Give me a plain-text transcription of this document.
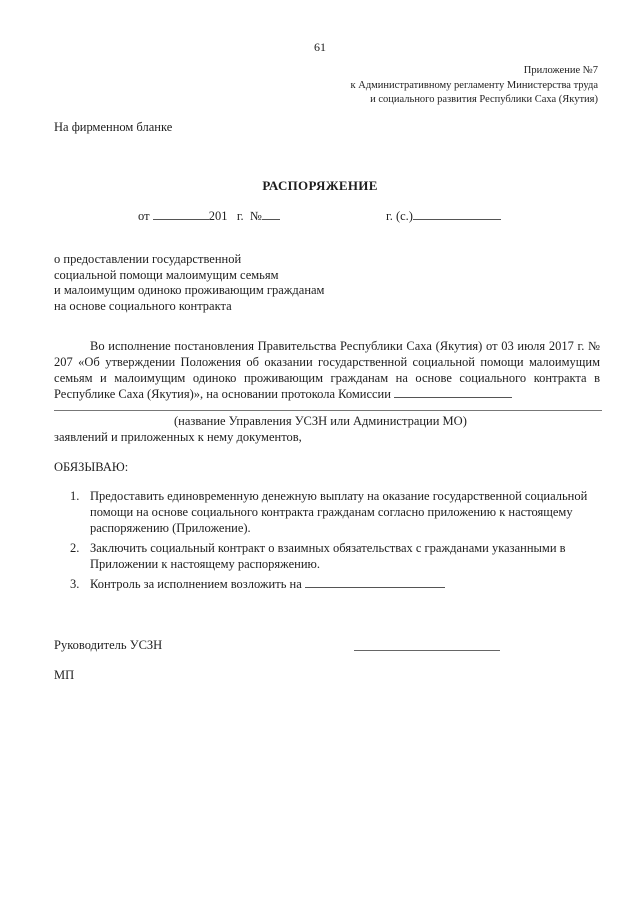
61
Приложение №7
к Административному регламенту Министерства труда
и социального развития Республики Саха (Якутия)
На фирменном бланке
РАСПОРЯЖЕНИЕ
от	201 г. №	г. (с.)
о предоставлении государственной
социальной помощи малоимущим семьям
и малоимущим одиноко проживающим гражданам
на основе социального контракта

Во исполнение постановления Правительства Республики Саха (Якутия) от 03 июля 2017 г. № 207 «Об утверждении Положения об оказании государственной социальной помощи малоимущим семьям и малоимущим одиноко проживающим гражданам на основе социального контракта в Республике Саха (Якутия)», на основании протокола Комиссии

(название Управления УСЗН или Администрации МО)
заявлений и приложенных к нему документов,
ОБЯЗЫВАЮ:
1. Предоставить единовременную денежную выплату на оказание государственной социальной помощи на основе социального контракта гражданам согласно приложению к настоящему распоряжению (Приложение).
2. Заключить социальный контракт о взаимных обязательствах с гражданами указанными в Приложении к настоящему распоряжению.
3. Контроль за исполнением возложить на
Руководитель УСЗН
МП
